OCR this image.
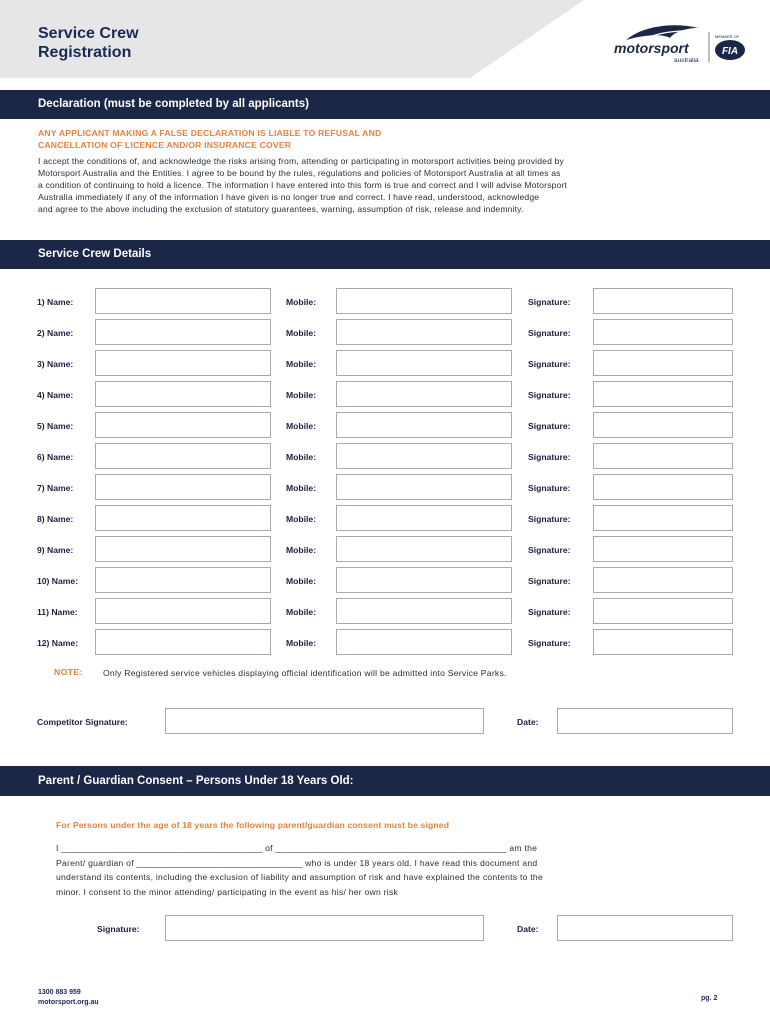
Service Crew
Registration	motorsport
australia
MEMBER OF
FIA
Declaration (must be completed by all applicants)
ANY APPLICANT MAKING A FALSE DECLARATION IS LIABLE TO REFUSAL AND
CANCELLATION OF LICENCE AND/OR INSURANCE COVER
I accept the conditions of, and acknowledge the risks arising from, attending or participating in motorsport activities being provided by
Motorsport Australia and the Entities. I agree to be bound by the rules, regulations and policies of Motorsport Australia at all times as
a condition of continuing to hold a licence. The information I have entered into this form is true and correct and I will advise Motorsport
Australia immediately if any of the information I have given is no longer true and correct. I have read, understood, acknowledge
and agree to the above including the exclusion of statutory guarantees, warning, assumption of risk, release and indemnity.
Service Crew Details
1) Name:	Mobile:	Signature:
2) Name:	Mobile:	Signature:
3) Name:	Mobile:	Signature:
4) Name:	Mobile:	Signature:
5) Name:	Mobile:	Signature:
6) Name:	Mobile:	Signature:
7) Name:	Mobile:	Signature:
8) Name:	Mobile:	Signature:
9) Name:	Mobile:	Signature:
10) Name:	Mobile:	Signature:
11) Name:	Mobile:	Signature:
12) Name:	Mobile:	Signature:
NOTE: Only Registered service vehicles displaying official identification will be admitted into Service Parks.
Competitor Signature:	Date:
Parent / Guardian Consent – Persons Under 18 Years Old:
For Persons under the age of 18 years the following parent/guardian consent must be signed
I ________________________________________ of ______________________________________________ am the
Parent/ guardian of _________________________________ who is under 18 years old. I have read this document and
understand its contents, including the exclusion of liability and assumption of risk and have explained the contents to the
minor. I consent to the minor attending/ participating in the event as his/ her own risk
Signature:	Date:
1300 883 959
motorsport.org.au
pg. 2
